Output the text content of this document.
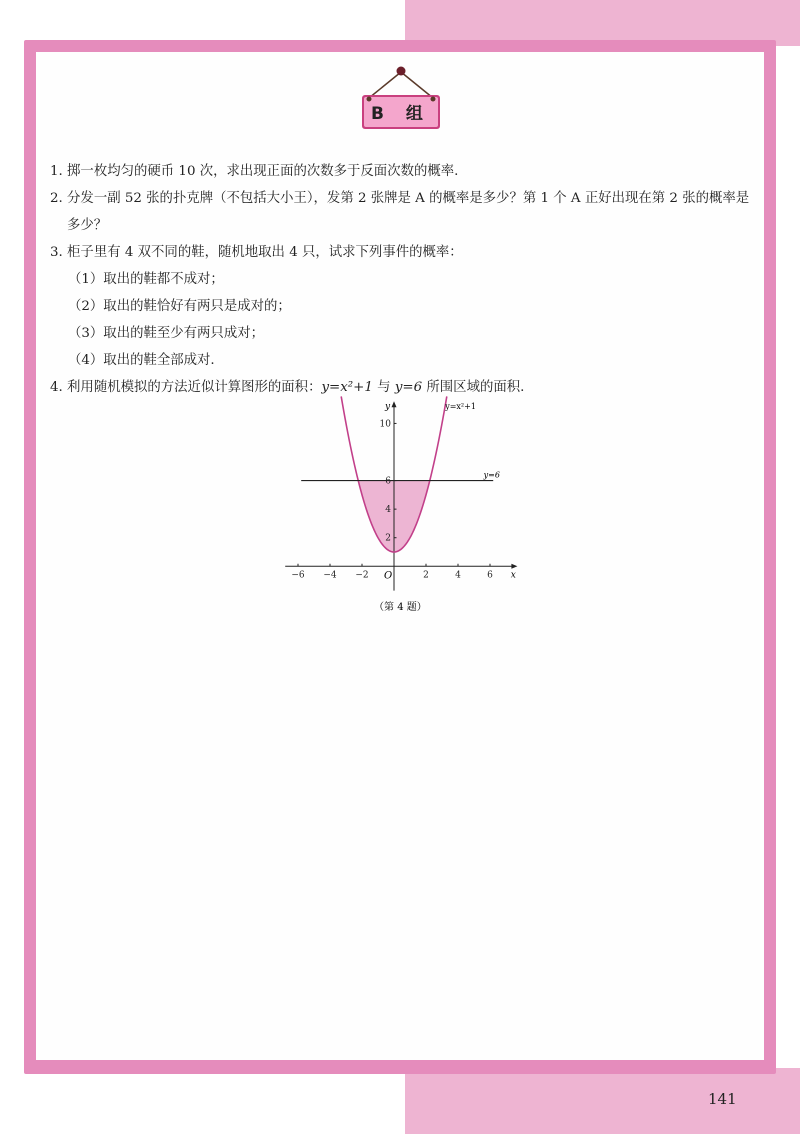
B 组

1. 掷一枚均匀的硬币 10 次，求出现正面的次数多于反面次数的概率.

2. 分发一副 52 张的扑克牌（不包括大小王），发第 2 张牌是 A 的概率是多少？第 1 个 A 正好出现在第 2 张的概率是多少？

3. 柜子里有 4 双不同的鞋，随机地取出 4 只，试求下列事件的概率：

（1）取出的鞋都不成对；

（2）取出的鞋恰好有两只是成对的；

（3）取出的鞋至少有两只成对；

（4）取出的鞋全部成对.

4. 利用随机模拟的方法近似计算图形的面积：y=x²+1 与 y=6 所围区域的面积.

−6 −4 −2	2	4	6
2
4
6
10
x
y
O
y=x²+1
y=6
（第 4 题）
141
